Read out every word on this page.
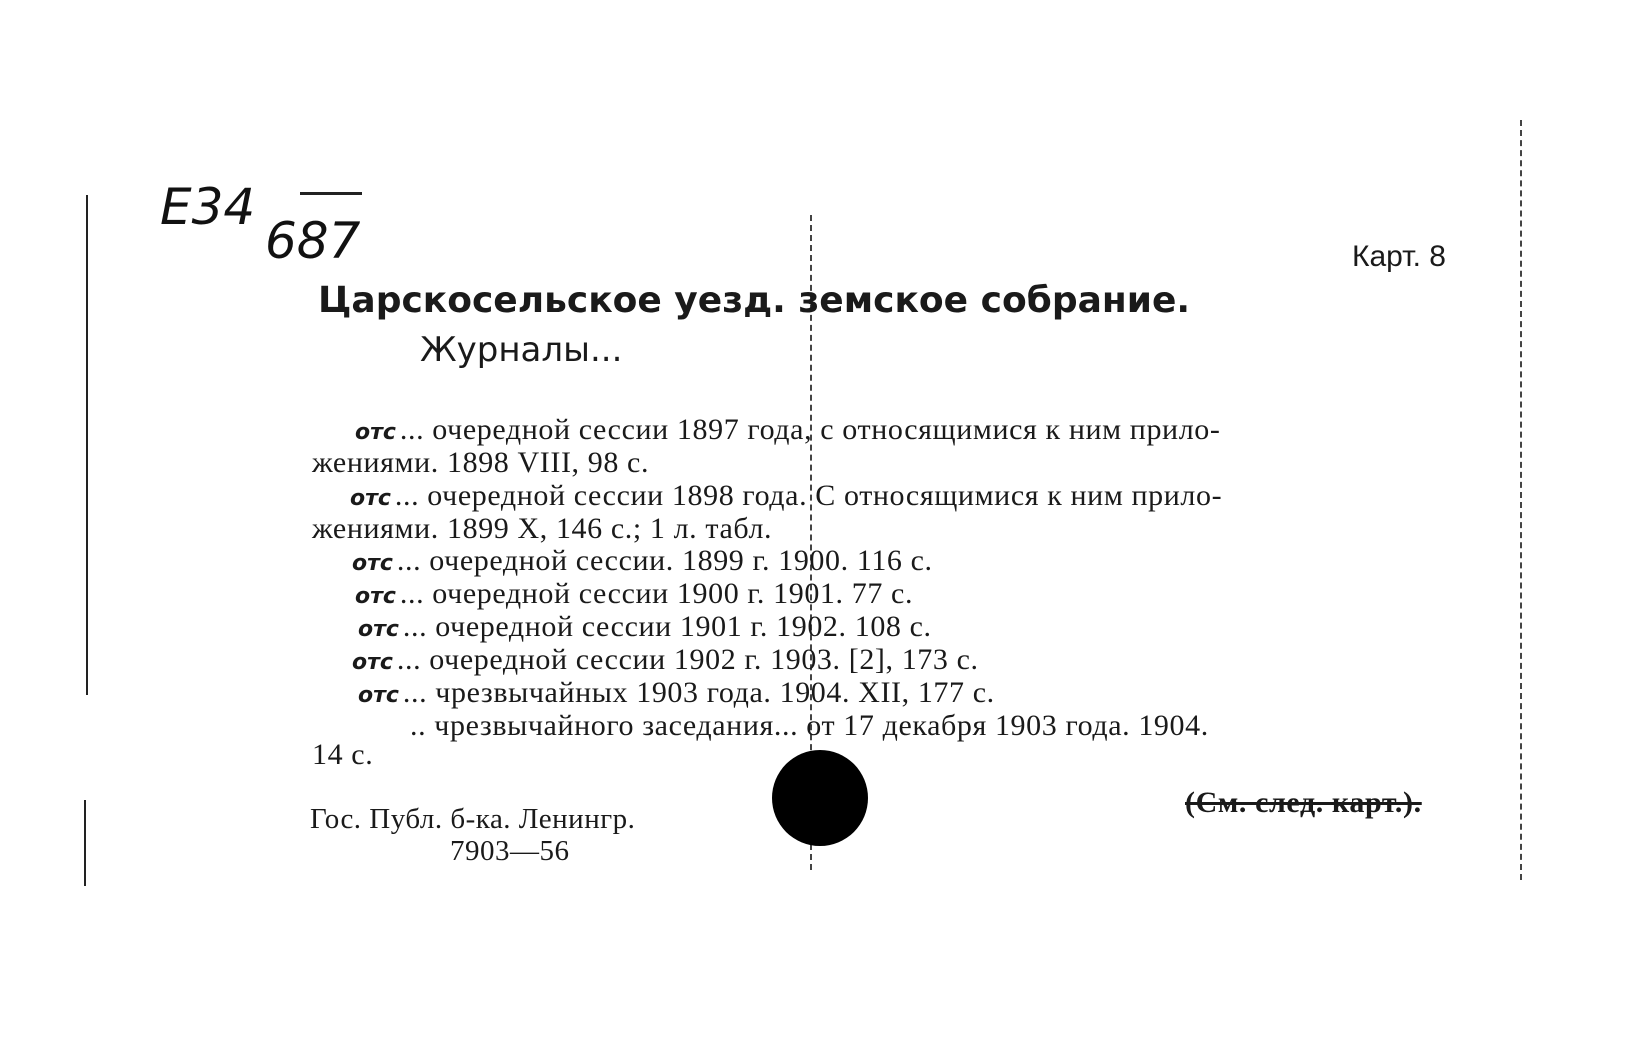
E34
687	Карт. 8
Царскосельское уезд. земское собрание.
Журналы...
отс ... очередной сессии 1897 года, с относящимися к ним прило-
жениями. 1898 VIII, 98 с.
отс ... очередной сессии 1898 года. С относящимися к ним прило-
жениями. 1899 X, 146 с.; 1 л. табл.
отс ... очередной сессии. 1899 г. 1900. 116 с.
отс ... очередной сессии 1900 г. 1901. 77 с.
отс ... очередной сессии 1901 г. 1902. 108 с.
отс ... очередной сессии 1902 г. 1903. [2], 173 с.
отс ... чрезвычайных 1903 года. 1904. XII, 177 с.
.. чрезвычайного заседания... от 17 декабря 1903 года. 1904.
14 с.
(См. след. карт.).
Гос. Публ. б-ка. Ленингр.
7903—56
